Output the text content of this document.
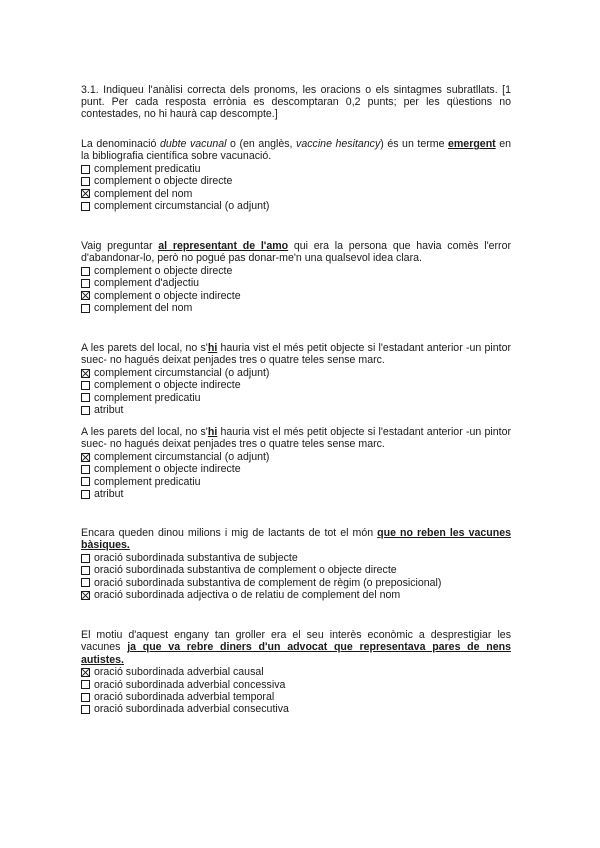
3.1. Indiqueu l'anàlisi correcta dels pronoms, les oracions o els sintagmes subratllats. [1 punt. Per cada resposta errònia es descomptaran 0,2 punts; per les qüestions no contestades, no hi haurà cap descompte.]

La denominació dubte vacunal o (en anglès, vaccine hesitancy) és un terme emergent en la bibliografia científica sobre vacunació.

complement predicatiu

complement o objecte directe

complement del nom

complement circumstancial (o adjunt)

Vaig preguntar al representant de l'amo qui era la persona que havia comès l'error d'abandonar-lo, però no pogué pas donar-me'n una qualsevol idea clara.

complement o objecte directe

complement d'adjectiu

complement o objecte indirecte

complement del nom

A les parets del local, no s'hi hauria vist el més petit objecte si l'estadant anterior -un pintor suec- no hagués deixat penjades tres o quatre teles sense marc.

complement circumstancial (o adjunt)

complement o objecte indirecte

complement predicatiu

atribut

A les parets del local, no s'hi hauria vist el més petit objecte si l'estadant anterior -un pintor suec- no hagués deixat penjades tres o quatre teles sense marc.

complement circumstancial (o adjunt)

complement o objecte indirecte

complement predicatiu

atribut

Encara queden dinou milions i mig de lactants de tot el món que no reben les vacunes bàsiques.

oració subordinada substantiva de subjecte

oració subordinada substantiva de complement o objecte directe

oració subordinada substantiva de complement de règim (o preposicional)

oració subordinada adjectiva o de relatiu de complement del nom

El motiu d'aquest engany tan groller era el seu interès econòmic a desprestigiar les vacunes ja que va rebre diners d'un advocat que representava pares de nens autistes.

oració subordinada adverbial causal

oració subordinada adverbial concessiva

oració subordinada adverbial temporal

oració subordinada adverbial consecutiva
